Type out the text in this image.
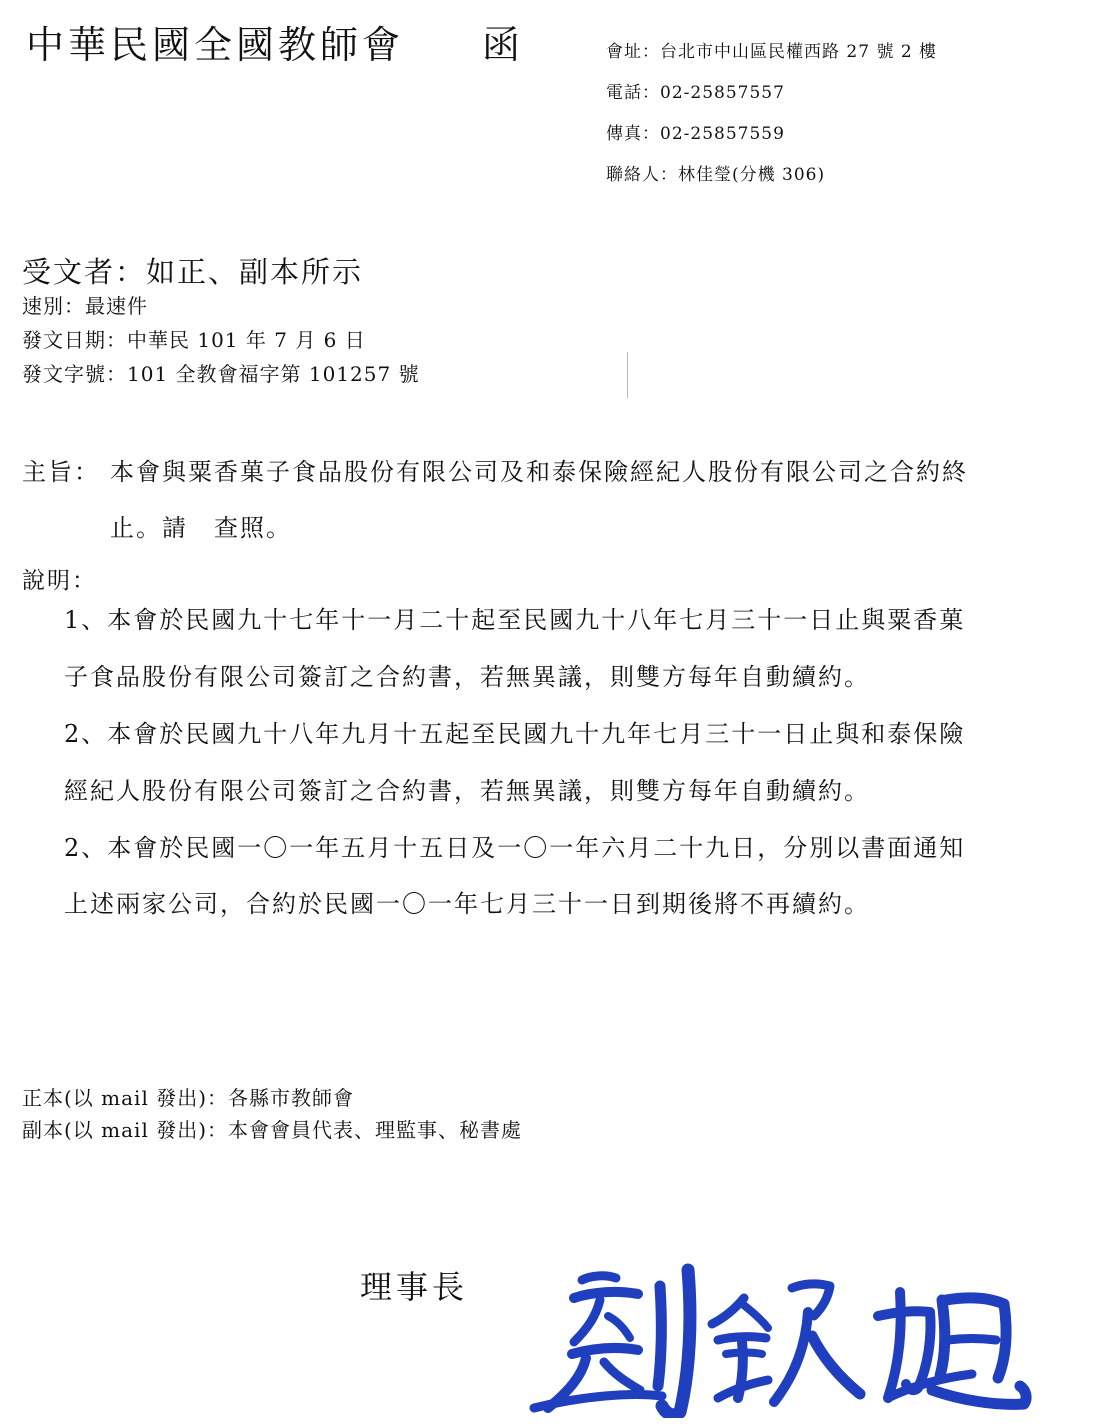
中華民國全國教師會 函	會址：台北市中山區民權西路 27 號 2 樓
電話：02-25857557
傳真：02-25857559
聯絡人：林佳瑩(分機 306)
受文者：如正、副本所示
速別：最速件
發文日期：中華民 101 年 7 月 6 日
發文字號：101 全教會福字第 101257 號
主旨： 本會與粟香菓子食品股份有限公司及和泰保險經紀人股份有限公司之合約終
止。請　查照。
說明：
1、本會於民國九十七年十一月二十起至民國九十八年七月三十一日止與粟香菓
子食品股份有限公司簽訂之合約書，若無異議，則雙方每年自動續約。
2、本會於民國九十八年九月十五起至民國九十九年七月三十一日止與和泰保險
經紀人股份有限公司簽訂之合約書，若無異議，則雙方每年自動續約。
2、本會於民國一〇一年五月十五日及一〇一年六月二十九日，分別以書面通知
上述兩家公司，合約於民國一〇一年七月三十一日到期後將不再續約。
正本(以 mail 發出)：各縣市教師會
副本(以 mail 發出)：本會會員代表、理監事、秘書處
理事長
